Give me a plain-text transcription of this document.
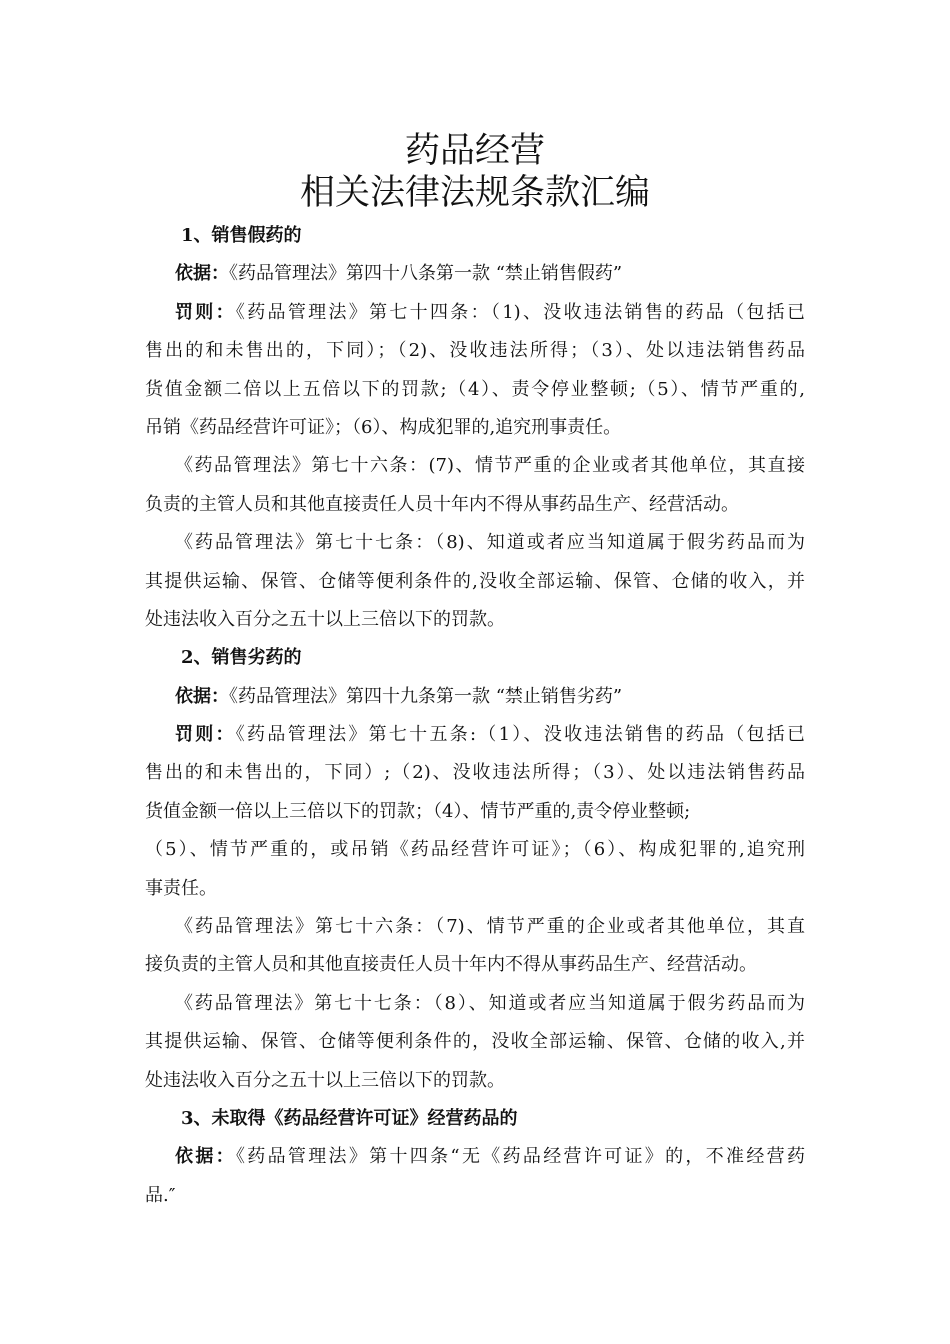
药品经营
相关法律法规条款汇编
1、销售假药的
依据：《药品管理法》第四十八条第一款 “禁止销售假药”
罚则：《药品管理法》第七十四条：（1)、没收违法销售的药品（包括已
售出的和未售出的，下同）；（2)、没收违法所得；（3）、处以违法销售药品
货值金额二倍以上五倍以下的罚款;（4）、责令停业整顿;（5）、情节严重的,
吊销《药品经营许可证》；（6）、构成犯罪的,追究刑事责任。
《药品管理法》第七十六条：(7)、情节严重的企业或者其他单位，其直接
负责的主管人员和其他直接责任人员十年内不得从事药品生产、经营活动。
《药品管理法》第七十七条：（8)、知道或者应当知道属于假劣药品而为
其提供运输、保管、仓储等便利条件的,没收全部运输、保管、仓储的收入，并
处违法收入百分之五十以上三倍以下的罚款。
2、销售劣药的
依据：《药品管理法》第四十九条第一款 “禁止销售劣药”
罚则：《药品管理法》第七十五条:（1）、没收违法销售的药品（包括已
售出的和未售出的，下同）;（2)、没收违法所得；（3）、处以违法销售药品
货值金额一倍以上三倍以下的罚款；（4）、情节严重的,责令停业整顿;
（5）、情节严重的，或吊销《药品经营许可证》；（6）、构成犯罪的,追究刑
事责任。
《药品管理法》第七十六条：（7)、情节严重的企业或者其他单位，其直
接负责的主管人员和其他直接责任人员十年内不得从事药品生产、经营活动。
《药品管理法》第七十七条：（8）、知道或者应当知道属于假劣药品而为
其提供运输、保管、仓储等便利条件的，没收全部运输、保管、仓储的收入,并
处违法收入百分之五十以上三倍以下的罚款。
3、未取得《药品经营许可证》经营药品的
依据：《药品管理法》第十四条“无《药品经营许可证》的，不准经营药
品.″
